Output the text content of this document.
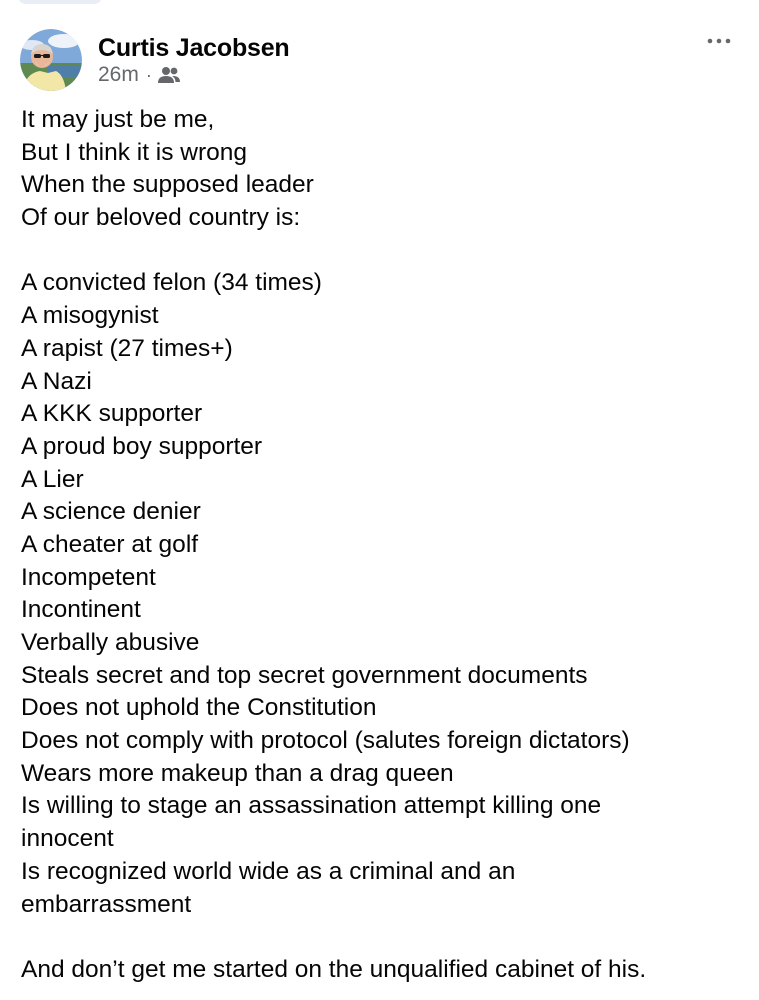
Curtis Jacobsen
26m ·
It may just be me,
But I think it is wrong
When the supposed leader
Of our beloved country is:
A convicted felon (34 times)
A misogynist
A rapist (27 times+)
A Nazi
A KKK supporter
A proud boy supporter
A Lier
A science denier
A cheater at golf
Incompetent
Incontinent
Verbally abusive
Steals secret and top secret government documents
Does not uphold the Constitution
Does not comply with protocol (salutes foreign dictators)
Wears more makeup than a drag queen
Is willing to stage an assassination attempt killing one
innocent
Is recognized world wide as a criminal and an
embarrassment
And don’t get me started on the unqualified cabinet of his.
